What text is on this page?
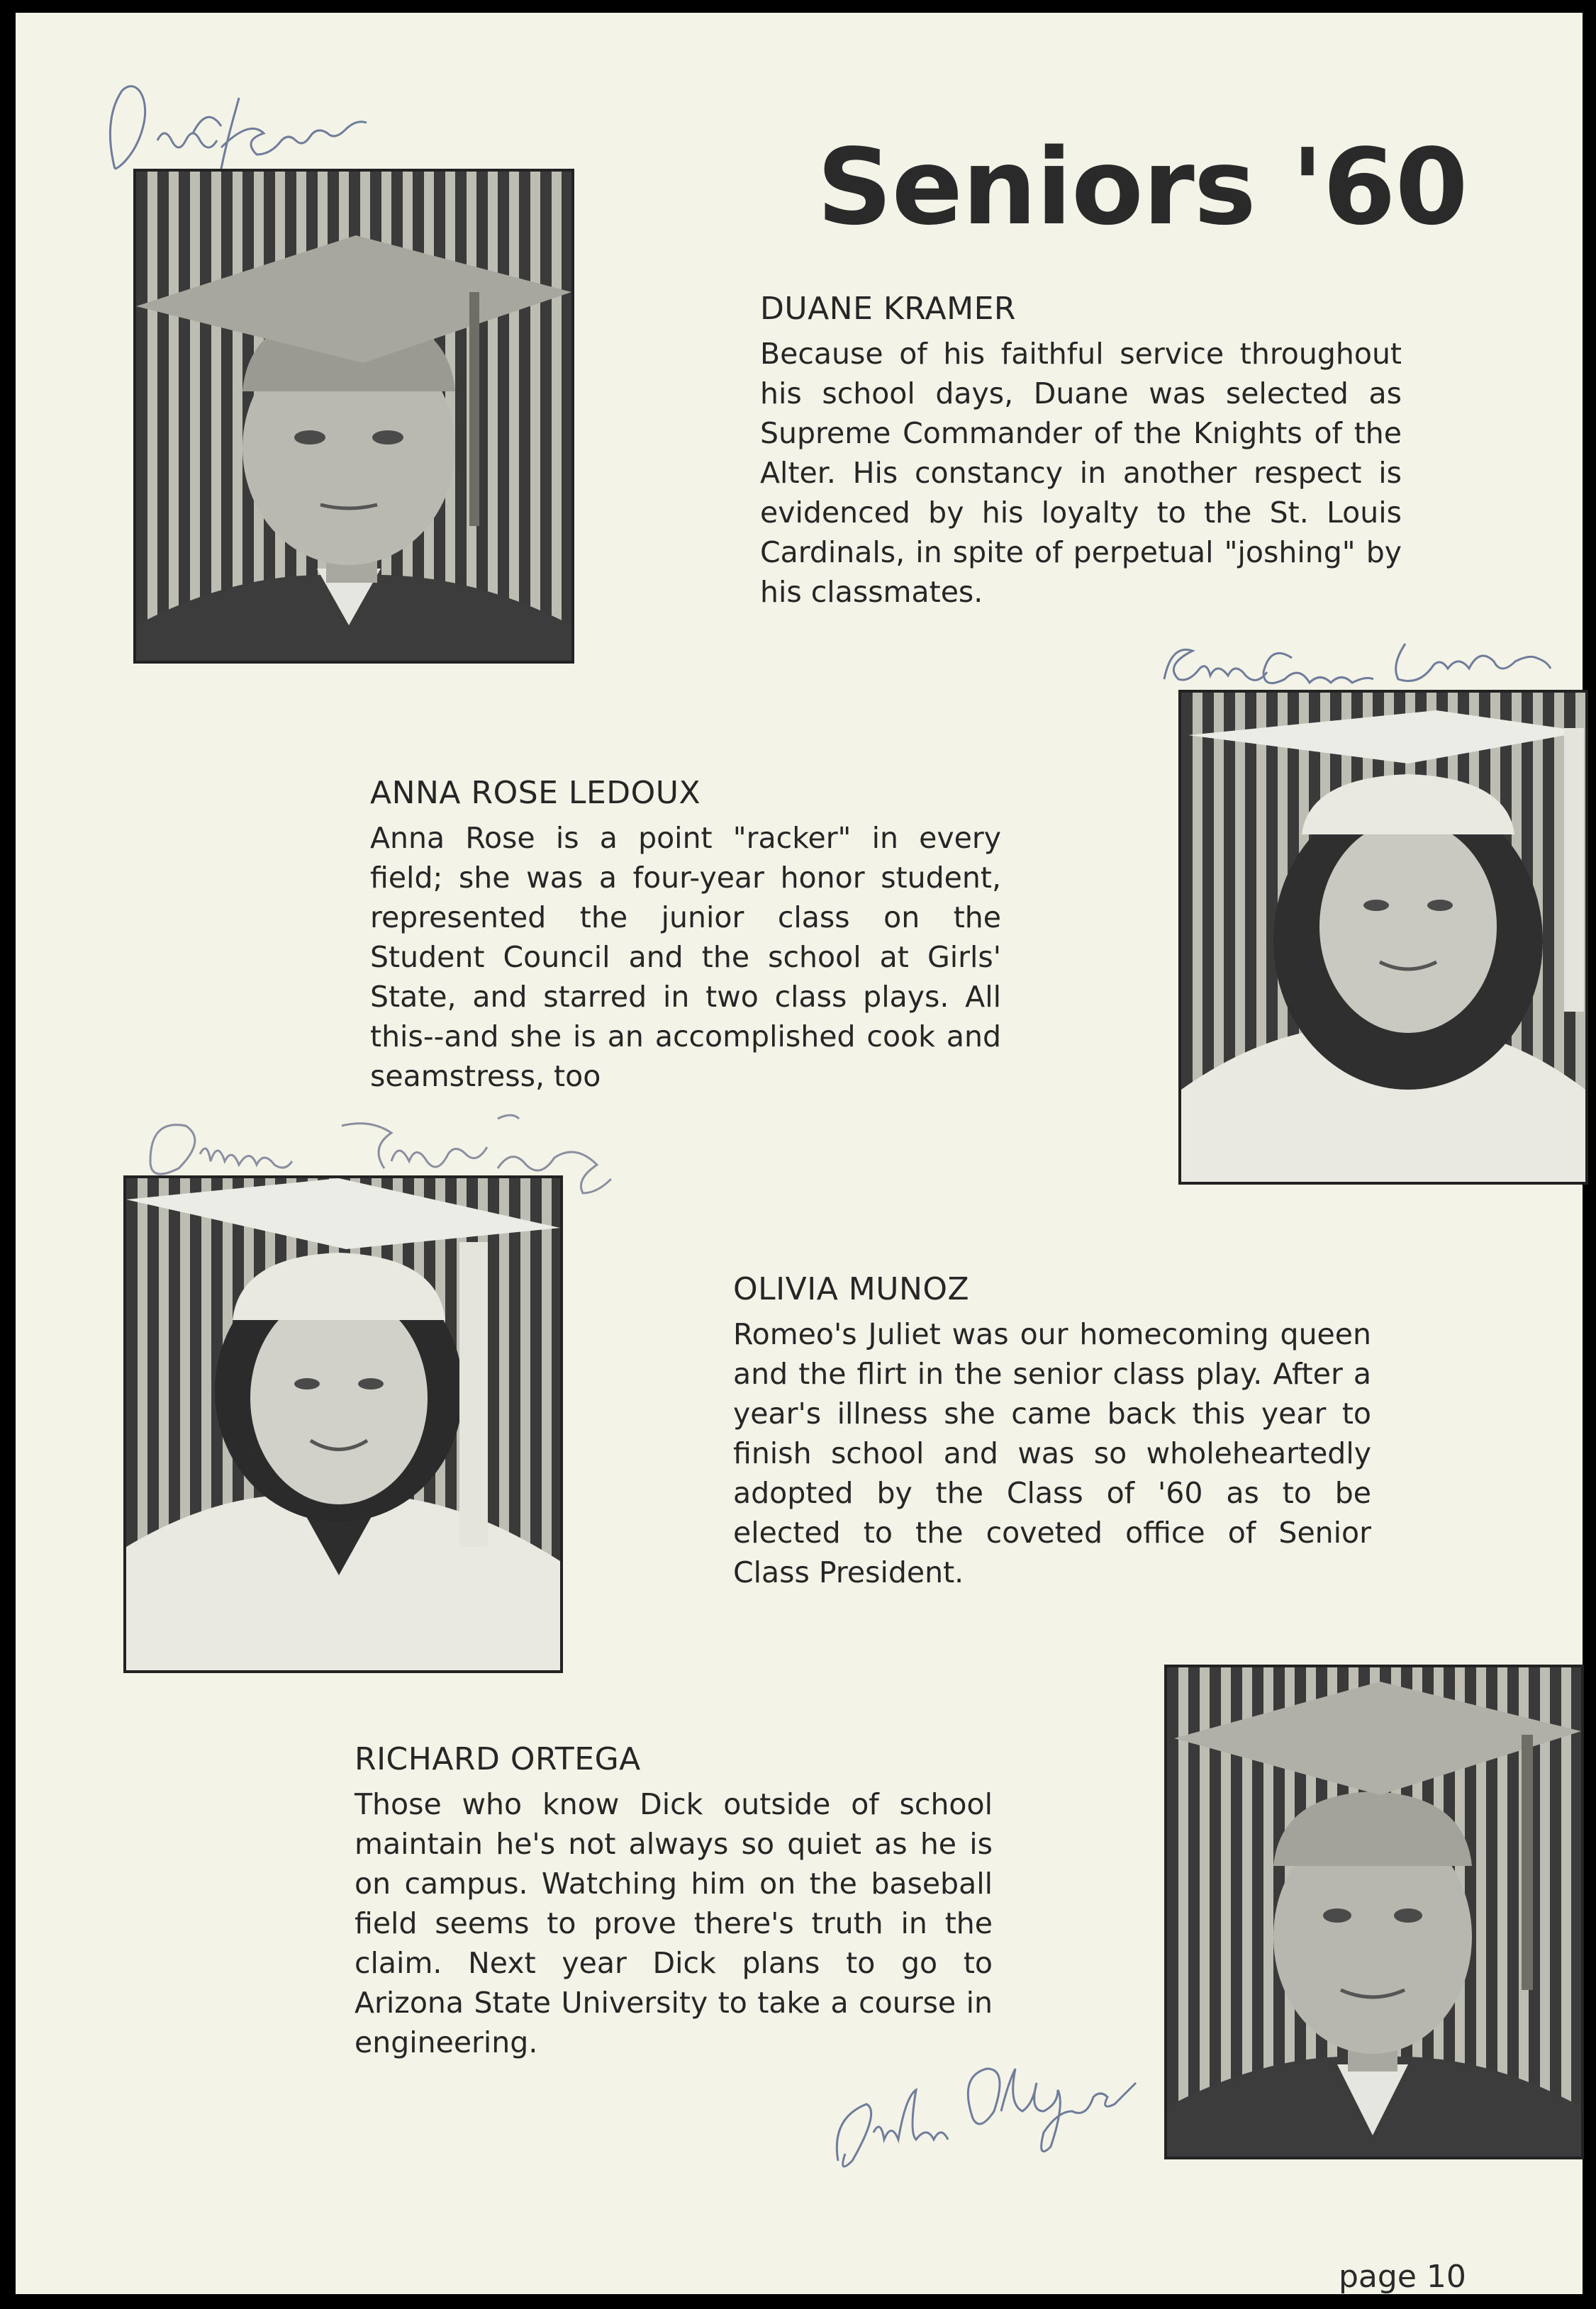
Seniors '60

DUANE KRAMER

Because of his faithful service throughout his school days, Duane was selected as Supreme Commander of the Knights of the Alter. His constancy in another respect is evidenced by his loyalty to the St. Louis Cardinals, in spite of perpetual "joshing" by his classmates.

ANNA ROSE LEDOUX

Anna Rose is a point "racker" in every field; she was a four-year honor student, represented the junior class on the Student Council and the school at Girls' State, and starred in two class plays. All this--and she is an accomplished cook and seamstress, too

OLIVIA MUNOZ

Romeo's Juliet was our homecoming queen and the flirt in the senior class play. After a year's illness she came back this year to finish school and was so wholeheartedly adopted by the Class of '60 as to be elected to the coveted office of Senior Class President.

RICHARD ORTEGA

Those who know Dick outside of school maintain he's not always so quiet as he is on campus. Watching him on the baseball field seems to prove there's truth in the claim. Next year Dick plans to go to Arizona State University to take a course in engineering.

page 10
